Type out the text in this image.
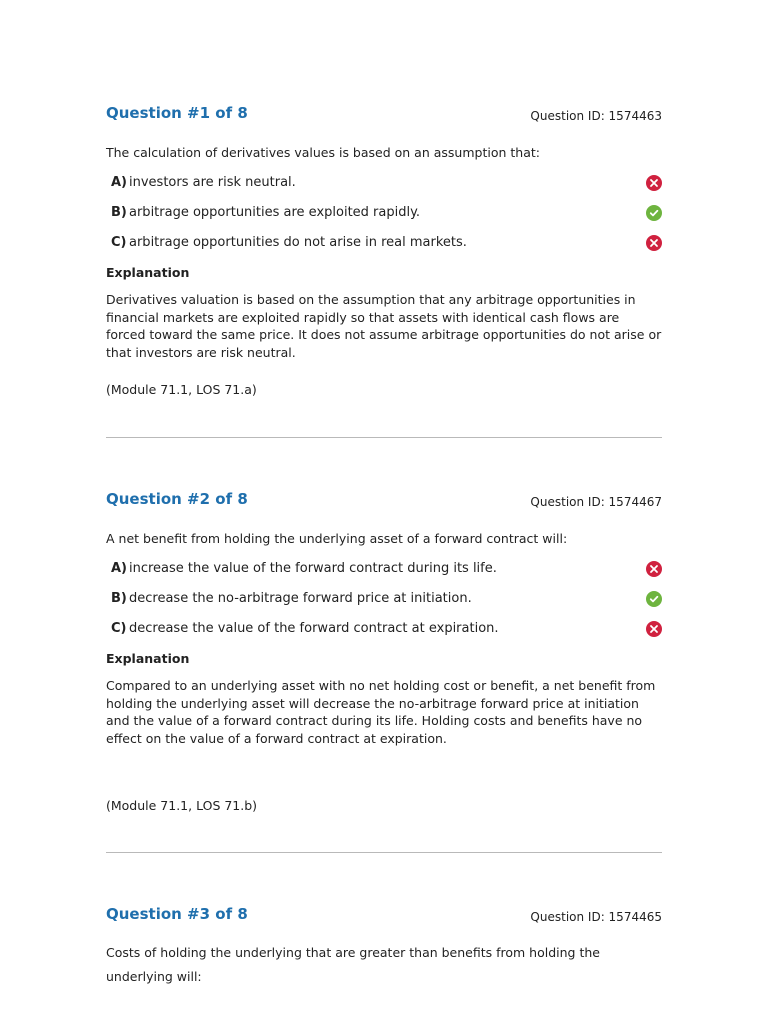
Question #1 of 8	Question ID: 1574463

The calculation of derivatives values is based on an assumption that:

A) investors are risk neutral.
B) arbitrage opportunities are exploited rapidly.
C) arbitrage opportunities do not arise in real markets.

Explanation

Derivatives valuation is based on the assumption that any arbitrage opportunities in financial markets are exploited rapidly so that assets with identical cash flows are forced toward the same price. It does not assume arbitrage opportunities do not arise or that investors are risk neutral.

(Module 71.1, LOS 71.a)

Question #2 of 8	Question ID: 1574467

A net benefit from holding the underlying asset of a forward contract will:

A) increase the value of the forward contract during its life.
B) decrease the no-arbitrage forward price at initiation.
C) decrease the value of the forward contract at expiration.

Explanation

Compared to an underlying asset with no net holding cost or benefit, a net benefit from holding the underlying asset will decrease the no-arbitrage forward price at initiation and the value of a forward contract during its life. Holding costs and benefits have no effect on the value of a forward contract at expiration.

(Module 71.1, LOS 71.b)

Question #3 of 8	Question ID: 1574465

Costs of holding the underlying that are greater than benefits from holding the underlying will:
